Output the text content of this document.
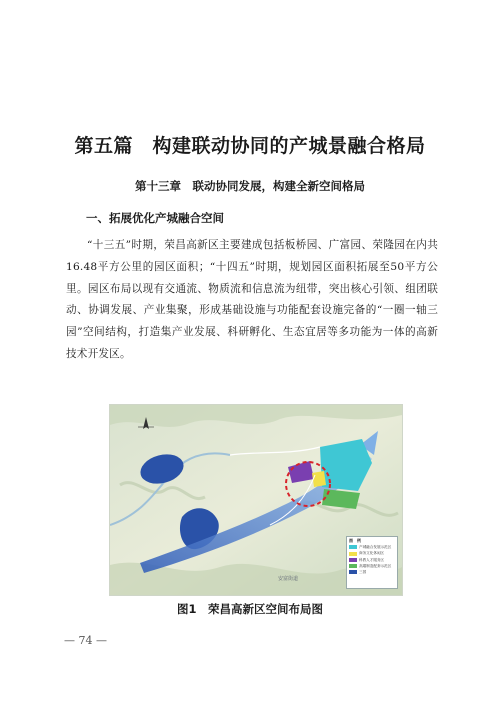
第五篇　构建联动协同的产城景融合格局
第十三章　联动协同发展，构建全新空间格局
一、拓展优化产城融合空间
“十三五”时期，荣昌高新区主要建成包括板桥园、广富园、荣隆园在内共16.48平方公里的园区面积；“十四五”时期，规划园区面积拓展至50平方公里。园区布局以现有交通流、物质流和信息流为纽带，突出核心引领、组团联动、协调发展、产业集聚，形成基础设施与功能配套设施完备的“一圈一轴三园”空间结构，打造集产业发展、科研孵化、生态宜居等多功能为一体的高新技术开发区。
安富街道
图　例
产城融合发展示范区
商务文化休闲区
科教人才服务区
高端制造配套示范区
三园
图1　荣昌高新区空间布局图
— 74 —
